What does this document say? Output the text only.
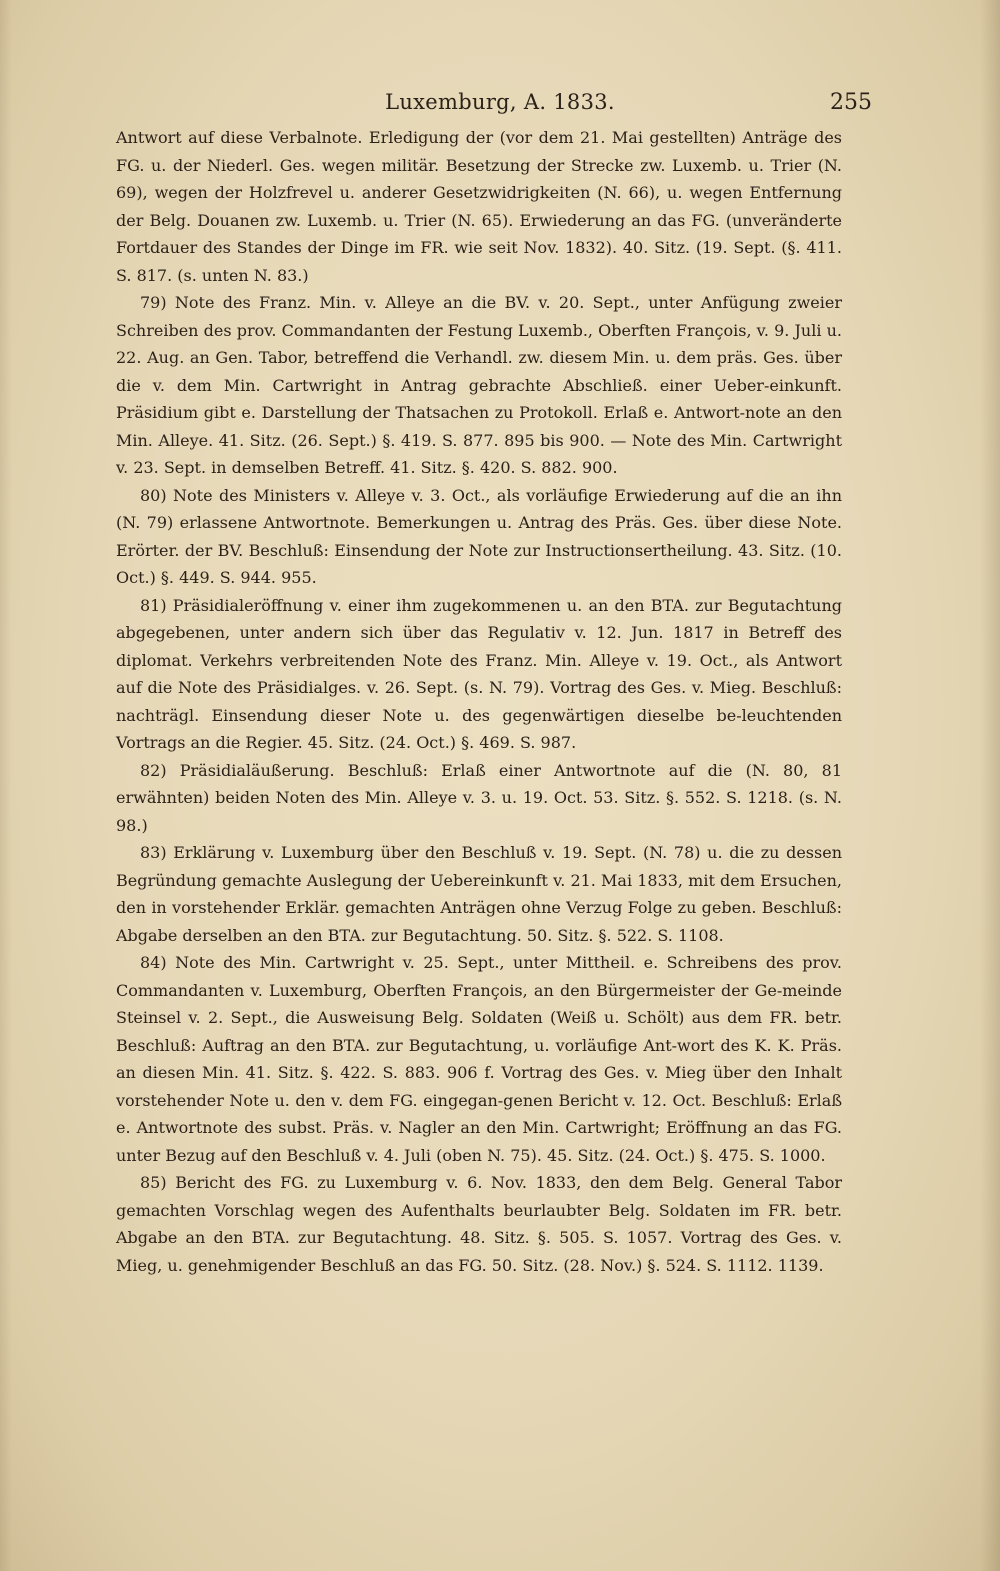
Luxemburg, A. 1833.	255

Antwort auf diese Verbalnote. Erledigung der (vor dem 21. Mai gestellten) Anträge des FG. u. der Niederl. Ges. wegen militär. Besetzung der Strecke zw. Luxemb. u. Trier (N. 69), wegen der Holzfrevel u. anderer Gesetzwidrigkeiten (N. 66), u. wegen Entfernung der Belg. Douanen zw. Luxemb. u. Trier (N. 65). Erwiederung an das FG. (unveränderte Fortdauer des Standes der Dinge im FR. wie seit Nov. 1832). 40. Sitz. (19. Sept. (§. 411. S. 817. (s. unten N. 83.)

79) Note des Franz. Min. v. Alleye an die BV. v. 20. Sept., unter Anfügung zweier Schreiben des prov. Commandanten der Festung Luxemb., Oberften François, v. 9. Juli u. 22. Aug. an Gen. Tabor, betreffend die Verhandl. zw. diesem Min. u. dem präs. Ges. über die v. dem Min. Cartwright in Antrag gebrachte Abschließ. einer Ueber-einkunft. Präsidium gibt e. Darstellung der Thatsachen zu Protokoll. Erlaß e. Antwort-note an den Min. Alleye. 41. Sitz. (26. Sept.) §. 419. S. 877. 895 bis 900. — Note des Min. Cartwright v. 23. Sept. in demselben Betreff. 41. Sitz. §. 420. S. 882. 900.

80) Note des Ministers v. Alleye v. 3. Oct., als vorläufige Erwiederung auf die an ihn (N. 79) erlassene Antwortnote. Bemerkungen u. Antrag des Präs. Ges. über diese Note. Erörter. der BV. Beschluß: Einsendung der Note zur Instructionsertheilung. 43. Sitz. (10. Oct.) §. 449. S. 944. 955.

81) Präsidialeröffnung v. einer ihm zugekommenen u. an den BTA. zur Begutachtung abgegebenen, unter andern sich über das Regulativ v. 12. Jun. 1817 in Betreff des diplomat. Verkehrs verbreitenden Note des Franz. Min. Alleye v. 19. Oct., als Antwort auf die Note des Präsidialges. v. 26. Sept. (s. N. 79). Vortrag des Ges. v. Mieg. Beschluß: nachträgl. Einsendung dieser Note u. des gegenwärtigen dieselbe be-leuchtenden Vortrags an die Regier. 45. Sitz. (24. Oct.) §. 469. S. 987.

82) Präsidialäußerung. Beschluß: Erlaß einer Antwortnote auf die (N. 80, 81 erwähnten) beiden Noten des Min. Alleye v. 3. u. 19. Oct. 53. Sitz. §. 552. S. 1218. (s. N. 98.)

83) Erklärung v. Luxemburg über den Beschluß v. 19. Sept. (N. 78) u. die zu dessen Begründung gemachte Auslegung der Uebereinkunft v. 21. Mai 1833, mit dem Ersuchen, den in vorstehender Erklär. gemachten Anträgen ohne Verzug Folge zu geben. Beschluß: Abgabe derselben an den BTA. zur Begutachtung. 50. Sitz. §. 522. S. 1108.

84) Note des Min. Cartwright v. 25. Sept., unter Mittheil. e. Schreibens des prov. Commandanten v. Luxemburg, Oberften François, an den Bürgermeister der Ge-meinde Steinsel v. 2. Sept., die Ausweisung Belg. Soldaten (Weiß u. Schölt) aus dem FR. betr. Beschluß: Auftrag an den BTA. zur Begutachtung, u. vorläufige Ant-wort des K. K. Präs. an diesen Min. 41. Sitz. §. 422. S. 883. 906 f. Vortrag des Ges. v. Mieg über den Inhalt vorstehender Note u. den v. dem FG. eingegan-genen Bericht v. 12. Oct. Beschluß: Erlaß e. Antwortnote des subst. Präs. v. Nagler an den Min. Cartwright; Eröffnung an das FG. unter Bezug auf den Beschluß v. 4. Juli (oben N. 75). 45. Sitz. (24. Oct.) §. 475. S. 1000.

85) Bericht des FG. zu Luxemburg v. 6. Nov. 1833, den dem Belg. General Tabor gemachten Vorschlag wegen des Aufenthalts beurlaubter Belg. Soldaten im FR. betr. Abgabe an den BTA. zur Begutachtung. 48. Sitz. §. 505. S. 1057. Vortrag des Ges. v. Mieg, u. genehmigender Beschluß an das FG. 50. Sitz. (28. Nov.) §. 524. S. 1112. 1139.
